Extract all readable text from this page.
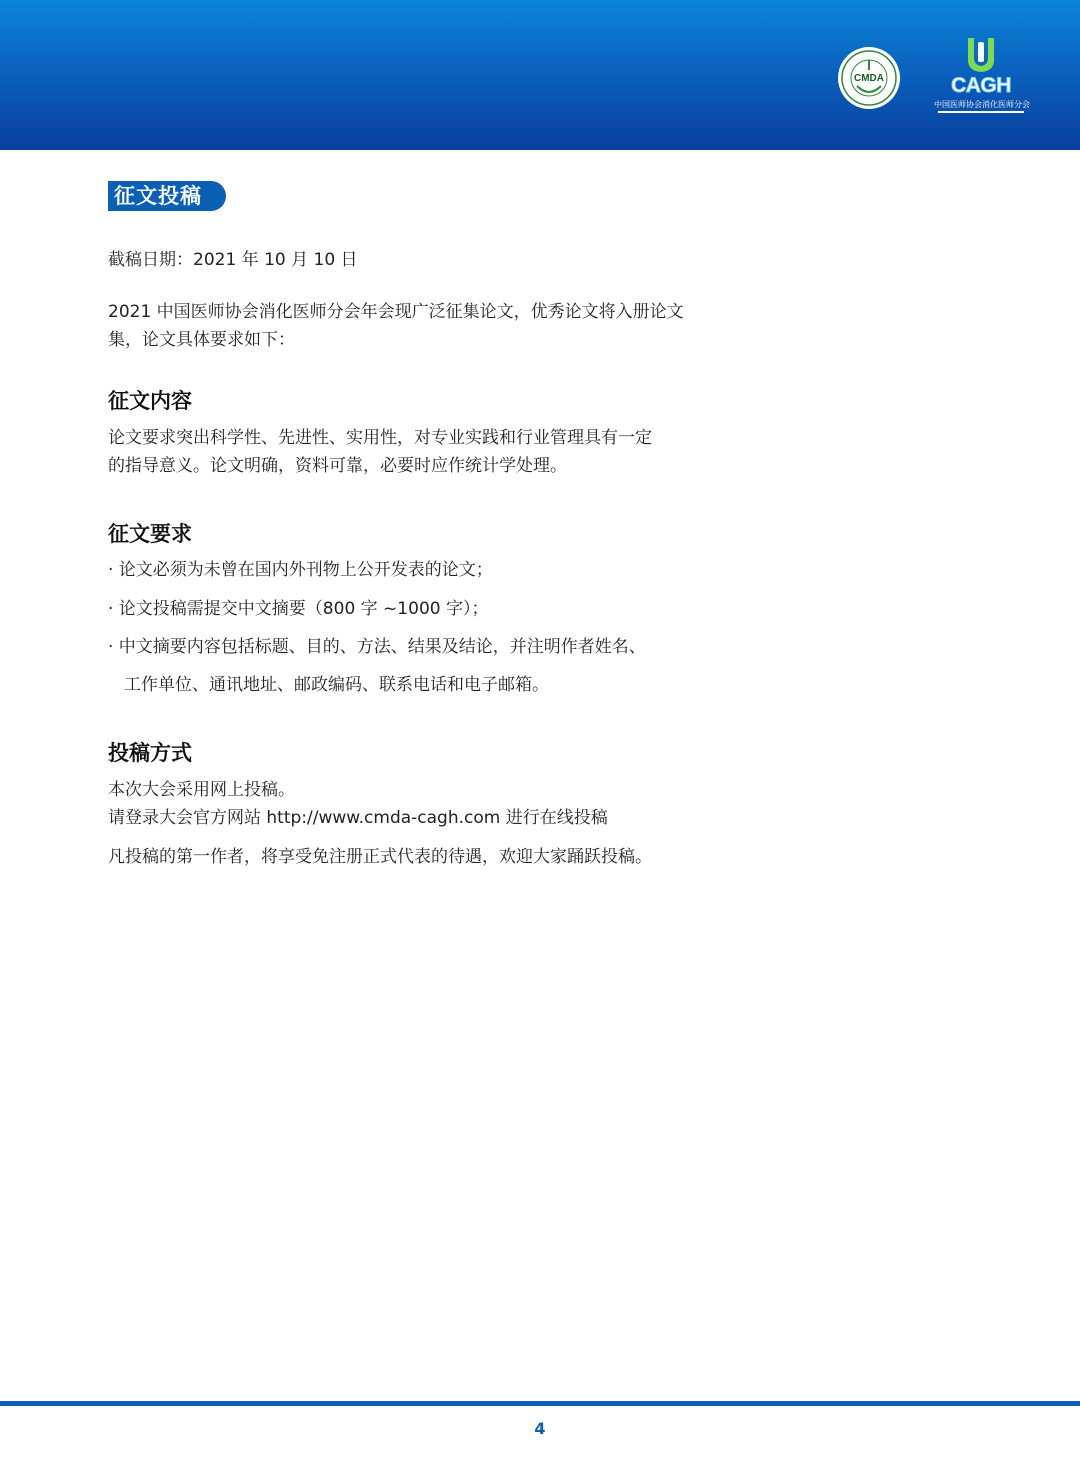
CMDA	CAGH
中国医师协会消化医师分会
征文投稿
截稿日期：2021 年 10 月 10 日
2021 中国医师协会消化医师分会年会现广泛征集论文，优秀论文将入册论文
集，论文具体要求如下：
征文内容
论文要求突出科学性、先进性、实用性，对专业实践和行业管理具有一定
的指导意义。论文明确，资料可靠，必要时应作统计学处理。
征文要求
· 论文必须为未曾在国内外刊物上公开发表的论文；
· 论文投稿需提交中文摘要（800 字 ~1000 字）；
· 中文摘要内容包括标题、目的、方法、结果及结论，并注明作者姓名、
工作单位、通讯地址、邮政编码、联系电话和电子邮箱。
投稿方式
本次大会采用网上投稿。
请登录大会官方网站 http://www.cmda-cagh.com 进行在线投稿
凡投稿的第一作者，将享受免注册正式代表的待遇，欢迎大家踊跃投稿。
4
